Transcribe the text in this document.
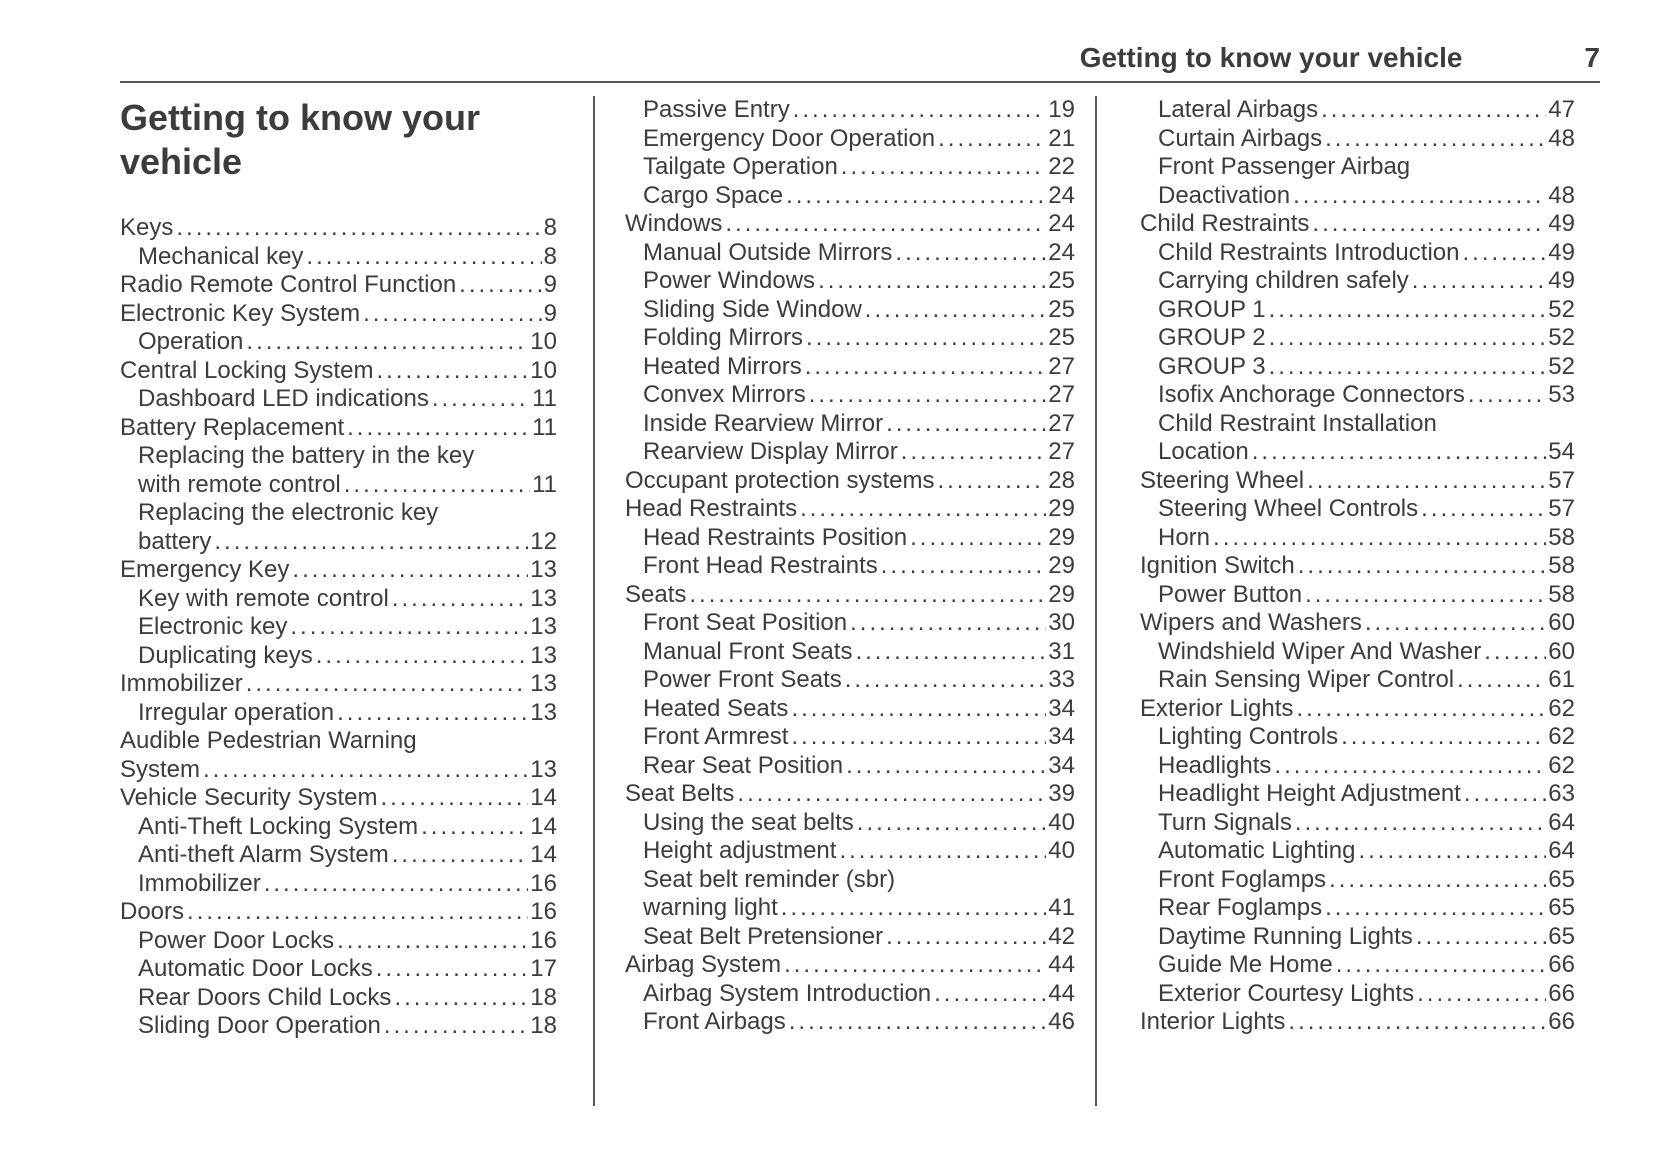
Getting to know your vehicle	7
Getting to know your
vehicle
Keys .....	8
Mechanical key .....	8
Radio Remote Control Function .....	9
Electronic Key System .....	9
Operation .....	10
Central Locking System .....	10
Dashboard LED indications .....	11
Battery Replacement .....	11
Replacing the battery in the key
with remote control .....	11
Replacing the electronic key
battery .....	12
Emergency Key .....	13
Key with remote control .....	13
Electronic key .....	13
Duplicating keys .....	13
Immobilizer .....	13
Irregular operation .....	13
Audible Pedestrian Warning
System .....	13
Vehicle Security System .....	14
Anti-Theft Locking System .....	14
Anti-theft Alarm System .....	14
Immobilizer .....	16
Doors .....	16
Power Door Locks .....	16
Automatic Door Locks .....	17
Rear Doors Child Locks .....	18
Sliding Door Operation .....	18
Passive Entry .....	19
Emergency Door Operation .....	21
Tailgate Operation .....	22
Cargo Space .....	24
Windows .....	24
Manual Outside Mirrors .....	24
Power Windows .....	25
Sliding Side Window .....	25
Folding Mirrors .....	25
Heated Mirrors .....	27
Convex Mirrors .....	27
Inside Rearview Mirror .....	27
Rearview Display Mirror .....	27
Occupant protection systems .....	28
Head Restraints .....	29
Head Restraints Position .....	29
Front Head Restraints .....	29
Seats .....	29
Front Seat Position .....	30
Manual Front Seats .....	31
Power Front Seats .....	33
Heated Seats .....	34
Front Armrest .....	34
Rear Seat Position .....	34
Seat Belts .....	39
Using the seat belts .....	40
Height adjustment .....	40
Seat belt reminder (sbr)
warning light .....	41
Seat Belt Pretensioner .....	42
Airbag System .....	44
Airbag System Introduction .....	44
Front Airbags .....	46
Lateral Airbags .....	47
Curtain Airbags .....	48
Front Passenger Airbag
Deactivation .....	48
Child Restraints .....	49
Child Restraints Introduction .....	49
Carrying children safely .....	49
GROUP 1 .....	52
GROUP 2 .....	52
GROUP 3 .....	52
Isofix Anchorage Connectors .....	53
Child Restraint Installation
Location .....	54
Steering Wheel .....	57
Steering Wheel Controls .....	57
Horn .....	58
Ignition Switch .....	58
Power Button .....	58
Wipers and Washers .....	60
Windshield Wiper And Washer .....	60
Rain Sensing Wiper Control .....	61
Exterior Lights .....	62
Lighting Controls .....	62
Headlights .....	62
Headlight Height Adjustment .....	63
Turn Signals .....	64
Automatic Lighting .....	64
Front Foglamps .....	65
Rear Foglamps .....	65
Daytime Running Lights .....	65
Guide Me Home .....	66
Exterior Courtesy Lights .....	66
Interior Lights .....	66
